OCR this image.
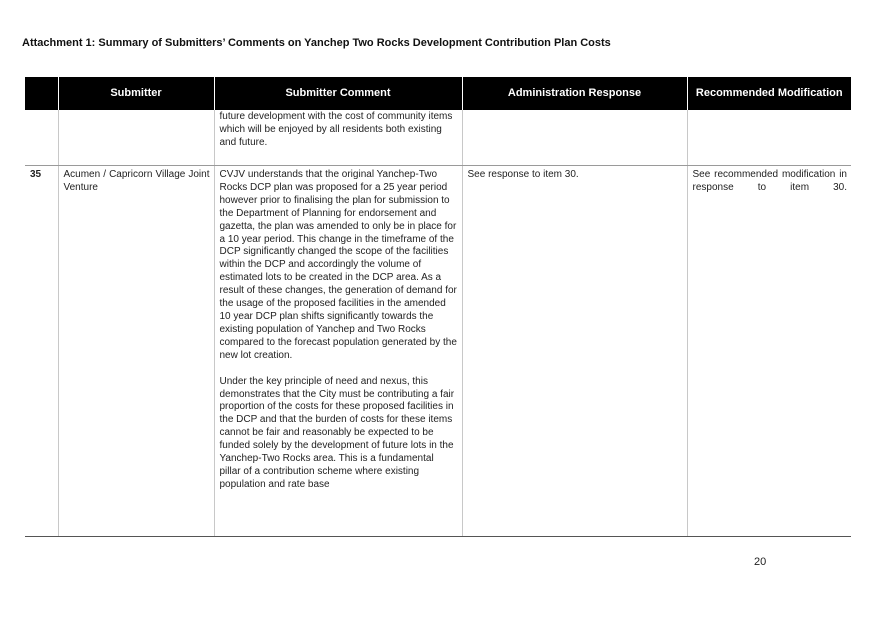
Attachment 1: Summary of Submitters’ Comments on Yanchep Two Rocks Development Contribution Plan Costs
	Submitter	Submitter Comment	Administration Response	Recommended Modification

		future development with the cost of community items which will be enjoyed by all residents both existing and future.		

35	Acumen / Capricorn Village Joint Venture	CVJV understands that the original Yanchep-Two Rocks DCP plan was proposed for a 25 year period however prior to finalising the plan for submission to the Department of Planning for endorsement and gazetta, the plan was amended to only be in place for a 10 year period. This change in the timeframe of the DCP significantly changed the scope of the facilities within the DCP and accordingly the volume of estimated lots to be created in the DCP area. As a result of these changes, the generation of demand for the usage of the proposed facilities in the amended 10 year DCP plan shifts significantly towards the existing population of Yanchep and Two Rocks compared to the forecast population generated by the new lot creation.
Under the key principle of need and nexus, this demonstrates that the City must be contributing a fair proportion of the costs for these proposed facilities in the DCP and that the burden of costs for these items cannot be fair and reasonably be expected to be funded solely by the development of future lots in the Yanchep-Two Rocks area. This is a fundamental pillar of a contribution scheme where existing population and rate base	See response to item 30.	See recommended modification in response to item 30.
20
